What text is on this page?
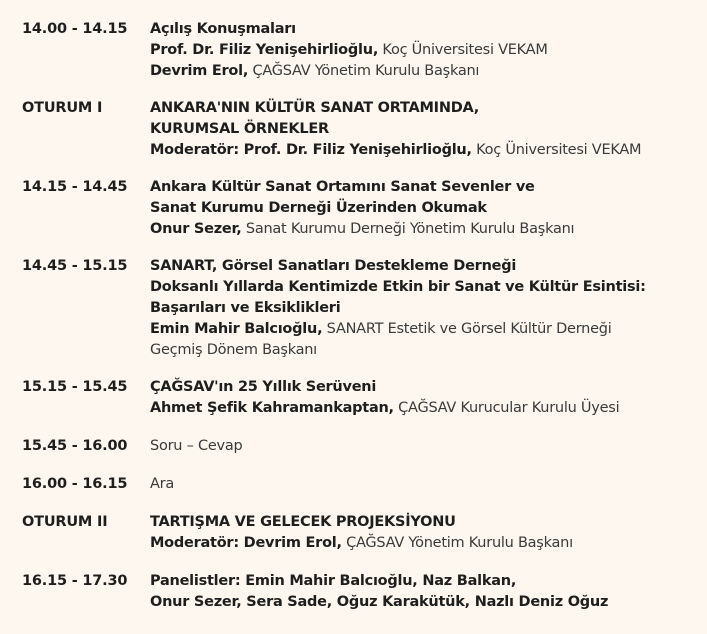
14.00 - 14.15 Açılış Konuşmaları
Prof. Dr. Filiz Yenişehirlioğlu, Koç Üniversitesi VEKAM
Devrim Erol, ÇAĞSAV Yönetim Kurulu Başkanı
OTURUM I	ANKARA'NIN KÜLTÜR SANAT ORTAMINDA,
KURUMSAL ÖRNEKLER
Moderatör: Prof. Dr. Filiz Yenişehirlioğlu, Koç Üniversitesi VEKAM
14.15 - 14.45 Ankara Kültür Sanat Ortamını Sanat Sevenler ve
Sanat Kurumu Derneği Üzerinden Okumak
Onur Sezer, Sanat Kurumu Derneği Yönetim Kurulu Başkanı
14.45 - 15.15 SANART, Görsel Sanatları Destekleme Derneği
Doksanlı Yıllarda Kentimizde Etkin bir Sanat ve Kültür Esintisi:
Başarıları ve Eksiklikleri
Emin Mahir Balcıoğlu, SANART Estetik ve Görsel Kültür Derneği
Geçmiş Dönem Başkanı
15.15 - 15.45 ÇAĞSAV'ın 25 Yıllık Serüveni
Ahmet Şefik Kahramankaptan, ÇAĞSAV Kurucular Kurulu Üyesi
15.45 - 16.00 Soru – Cevap
16.00 - 16.15 Ara
OTURUM II	TARTIŞMA VE GELECEK PROJEKSİYONU
Moderatör: Devrim Erol, ÇAĞSAV Yönetim Kurulu Başkanı
16.15 - 17.30 Panelistler: Emin Mahir Balcıoğlu, Naz Balkan,
Onur Sezer, Sera Sade, Oğuz Karakütük, Nazlı Deniz Oğuz
